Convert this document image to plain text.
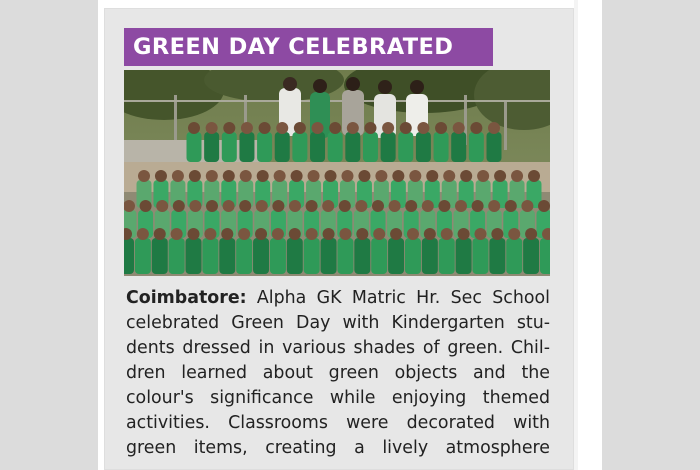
GREEN DAY CELEBRATED

Coimbatore: Alpha GK Matric Hr. Sec School
celebrated Green Day with Kindergarten stu-
dents dressed in various shades of green. Chil-
dren learned about green objects and the
colour's significance while enjoying themed
activities. Classrooms were decorated with
green items, creating a lively atmosphere
